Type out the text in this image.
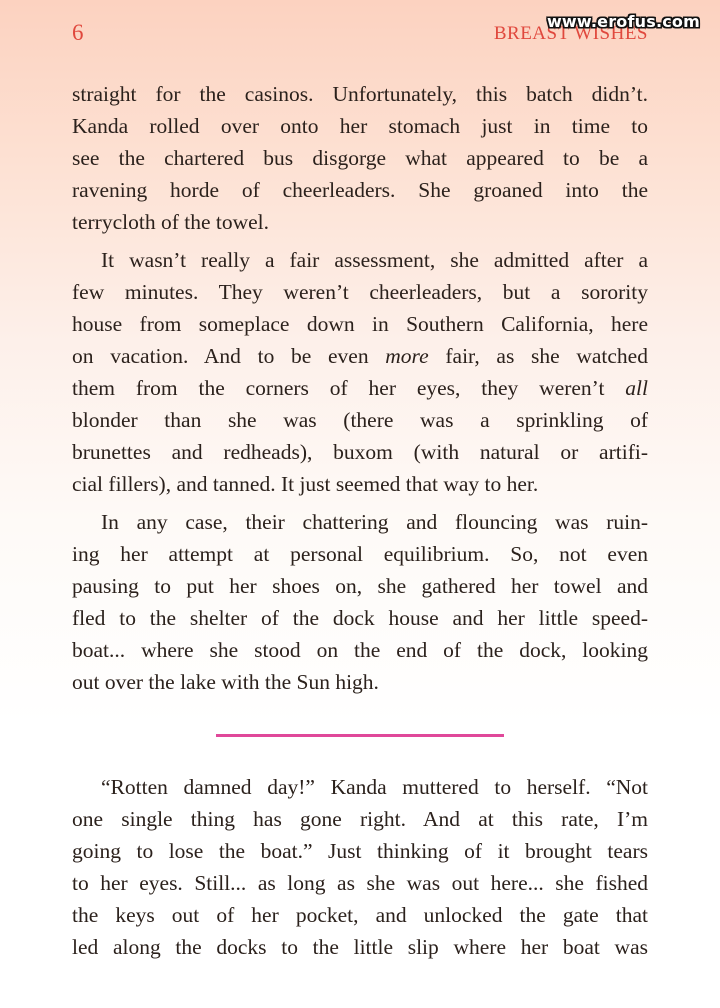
6	BREAST WISHES
www.erofus.com

straight for the casinos. Unfortunately, this batch didn’t.
Kanda rolled over onto her stomach just in time to
see the chartered bus disgorge what appeared to be a
ravening horde of cheerleaders. She groaned into the
terrycloth of the towel.

It wasn’t really a fair assessment, she admitted after a
few minutes. They weren’t cheerleaders, but a sorority
house from someplace down in Southern California, here
on vacation. And to be even more fair, as she watched
them from the corners of her eyes, they weren’t all
blonder than she was (there was a sprinkling of
brunettes and redheads), buxom (with natural or artifi-
cial fillers), and tanned. It just seemed that way to her.

In any case, their chattering and flouncing was ruin-
ing her attempt at personal equilibrium. So, not even
pausing to put her shoes on, she gathered her towel and
fled to the shelter of the dock house and her little speed-
boat... where she stood on the end of the dock, looking
out over the lake with the Sun high.

“Rotten damned day!” Kanda muttered to herself. “Not
one single thing has gone right. And at this rate, I’m
going to lose the boat.” Just thinking of it brought tears
to her eyes. Still... as long as she was out here... she fished
the keys out of her pocket, and unlocked the gate that
led along the docks to the little slip where her boat was
